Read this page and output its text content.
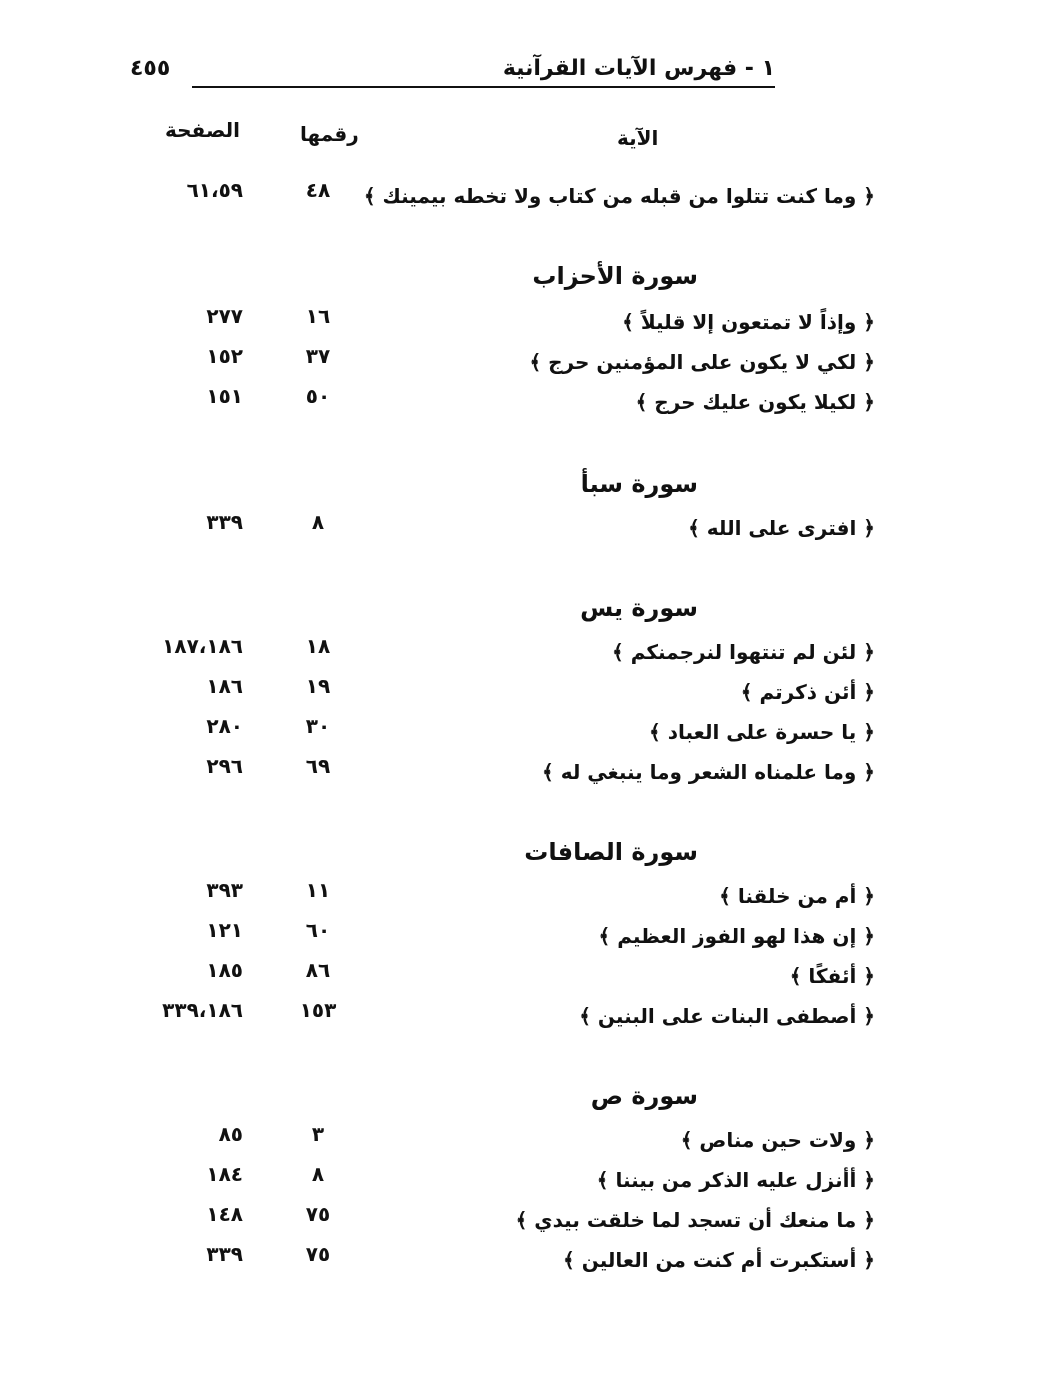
٤٥٥	١ - فهرس الآيات القرآنية
الصفحة	رقمها	الآية
٦١،٥٩	٤٨	﴿ وما كنت تتلوا من قبله من كتاب ولا تخطه بيمينك ﴾
سورة الأحزاب
٢٧٧	١٦	﴿ وإذاً لا تمتعون إلا قليلاً ﴾
١٥٢	٣٧	﴿ لكي لا يكون على المؤمنين حرج ﴾
١٥١	٥٠	﴿ لكيلا يكون عليك حرج ﴾
سورة سبأ
٣٣٩	٨	﴿ افترى على الله ﴾
سورة يس
١٨٧،١٨٦	١٨	﴿ لئن لم تنتهوا لنرجمنكم ﴾
١٨٦	١٩	﴿ أئن ذكرتم ﴾
٢٨٠	٣٠	﴿ يا حسرة على العباد ﴾
٢٩٦	٦٩	﴿ وما علمناه الشعر وما ينبغي له ﴾
سورة الصافات
٣٩٣	١١	﴿ أم من خلقنا ﴾
١٢١	٦٠	﴿ إن هذا لهو الفوز العظيم ﴾
١٨٥	٨٦	﴿ أئفكًا ﴾
٣٣٩،١٨٦	١٥٣	﴿ أصطفى البنات على البنين ﴾
سورة ص
٨٥	٣	﴿ ولات حين مناص ﴾
١٨٤	٨	﴿ أأنزل عليه الذكر من بيننا ﴾
١٤٨	٧٥	﴿ ما منعك أن تسجد لما خلقت بيدي ﴾
٣٣٩	٧٥	﴿ أستكبرت أم كنت من العالين ﴾
